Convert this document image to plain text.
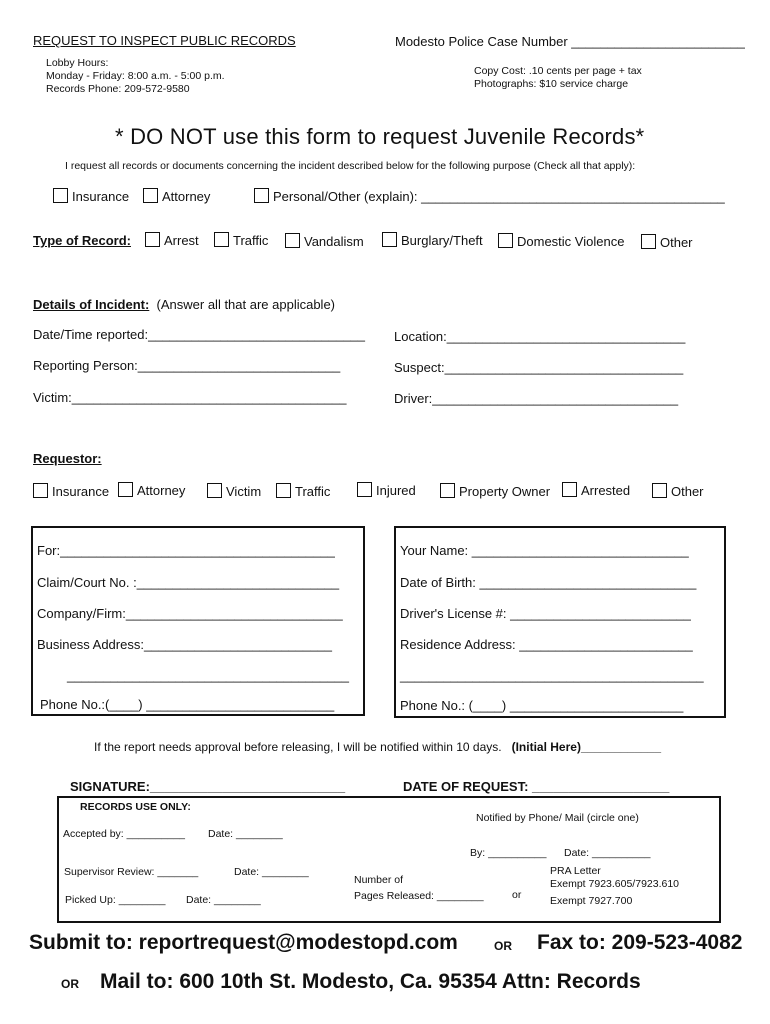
REQUEST TO INSPECT PUBLIC RECORDS	Modesto Police Case Number ________________________
Lobby Hours:
Monday - Friday: 8:00 a.m. - 5:00 p.m.
Records Phone: 209-572-9580
Copy Cost: .10 cents per page + tax
Photographs: $10 service charge
* DO NOT use this form to request Juvenile Records*
I request all records or documents concerning the incident described below for the following purpose (Check all that apply):
Insurance	Attorney	Personal/Other (explain): __________________________________________
Type of Record:	Arrest	Traffic	Vandalism	Burglary/Theft	Domestic Violence	Other
Details of Incident: (Answer all that are applicable)
Date/Time reported:______________________________ Location:_________________________________
Reporting Person:____________________________	Suspect:_________________________________
Victim:______________________________________	Driver:__________________________________
Requestor:
Insurance	Attorney	Victim	Traffic	Injured	Property Owner	Arrested	Other
For:______________________________________
Claim/Court No. :____________________________
Company/Firm:______________________________
Business Address:__________________________
_______________________________________
Phone No.:(____) __________________________
Your Name: ______________________________
Date of Birth: ______________________________
Driver's License #: _________________________
Residence Address: ________________________
__________________________________________
Phone No.: (____) ________________________
If the report needs approval before releasing, I will be notified within 10 days. (Initial Here)____________
SIGNATURE:___________________________	DATE OF REQUEST: ___________________
RECORDS USE ONLY:
Notified by Phone/ Mail (circle one)
Accepted by: __________ Date: ________
By: __________ Date: __________
Supervisor Review: _______	Date: ________	PRA Letter
Number of	Exempt 7923.605/7923.610
Pages Released: ________	or
Picked Up: ________ Date: ________	Exempt 7927.700
Submit to: reportrequest@modestopd.com	OR Fax to: 209-523-4082
OR Mail to: 600 10th St. Modesto, Ca. 95354 Attn: Records
